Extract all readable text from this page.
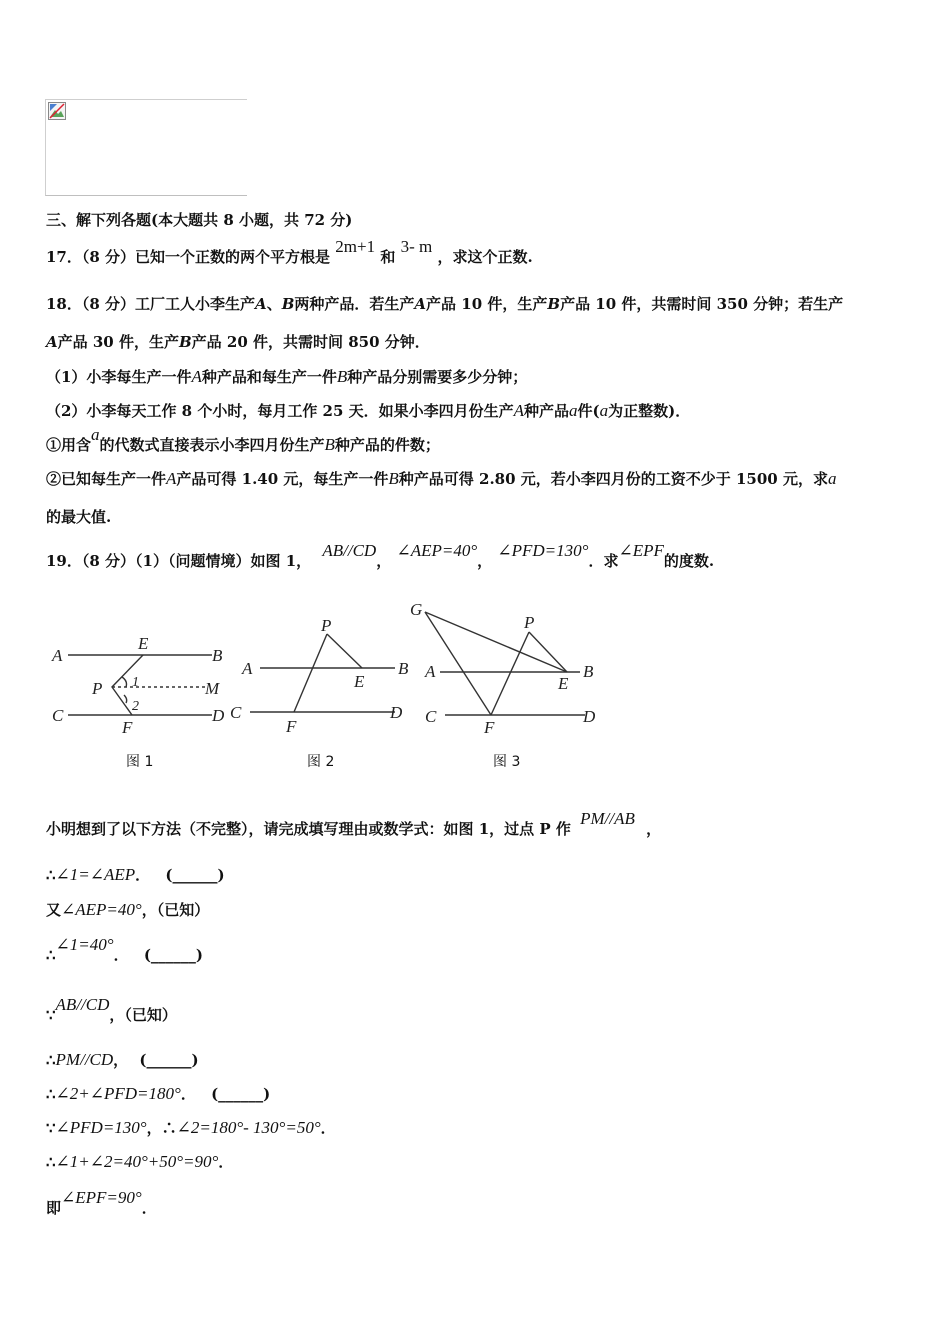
三、解下列各题(本大题共 8 小题，共 72 分)
17．（8 分）已知一个正数的两个平方根是 2m+1 和 3- m ，求这个正数.
18．（8 分）工厂工人小李生产A、B两种产品．若生产A产品 10 件，生产B产品 10 件，共需时间 350 分钟；若生产
A产品 30 件，生产B产品 20 件，共需时间 850 分钟．
（1）小李每生产一件A种产品和每生产一件B种产品分别需要多少分钟；
（2）小李每天工作 8 个小时，每月工作 25 天．如果小李四月份生产A种产品a件(a为正整数)．
①用含a的代数式直接表示小李四月份生产B种产品的件数；
②已知每生产一件A产品可得 1.40 元，每生产一件B种产品可得 2.80 元，若小李四月份的工资不少于 1500 元，求a
的最大值.
19．（8 分）（1）（问题情境）如图 1， AB//CD， ∠AEP=40°， ∠PFD=130°．求∠EPF的度数.
A
E
B
P 1	M
2
C
F
D
P
A	B
E
C
F
D
G
P
A	B
E
C
F
D
图 1	图 2	图 3
小明想到了以下方法（不完整），请完成填写理由或数学式：如图 1，过点 P 作 PM//AB ，
∴∠1=∠AEP． (______)
又∠AEP=40°，（已知）
∴∠1=40°． (______)
∵AB//CD，（已知）
∴PM//CD， (______)
∴∠2+∠PFD=180°． (______)
∵∠PFD=130°，∴∠2=180°- 130°=50°．
∴∠1+∠2=40°+50°=90°．
即∠EPF=90°．
